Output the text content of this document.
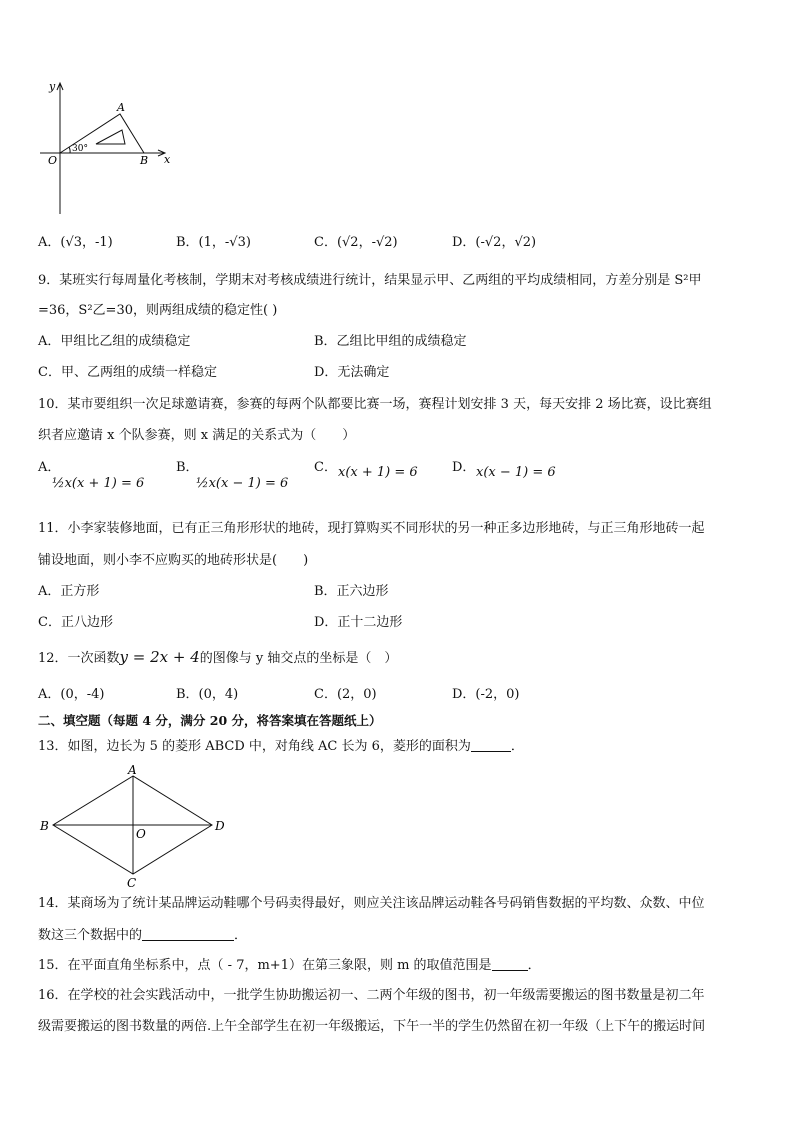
y
x
O
A
B
30°
A．(√3，-1)	B．(1，-√3)	C．(√2，-√2)	D．(-√2，√2)
9．某班实行每周量化考核制，学期末对考核成绩进行统计，结果显示甲、乙两组的平均成绩相同，方差分别是 S²甲
=36，S²乙=30，则两组成绩的稳定性( )
A．甲组比乙组的成绩稳定	B．乙组比甲组的成绩稳定
C．甲、乙两组的成绩一样稳定	D．无法确定
10．某市要组织一次足球邀请赛，参赛的每两个队都要比赛一场，赛程计划安排 3 天，每天安排 2 场比赛，设比赛组
织者应邀请 x 个队参赛，则 x 满足的关系式为（　　）
A．
½x(x + 1) = 6
B．
½x(x − 1) = 6
C． x(x + 1) = 6	D． x(x − 1) = 6
11．小李家装修地面，已有正三角形形状的地砖，现打算购买不同形状的另一种正多边形地砖，与正三角形地砖一起
铺设地面，则小李不应购买的地砖形状是(　　)
A．正方形	B．正六边形
C．正八边形	D．正十二边形
12．一次函数y = 2x + 4的图像与 y 轴交点的坐标是（　）
A．(0，-4)	B．(0，4)	C．(2，0)	D．(-2，0)
二、填空题（每题 4 分，满分 20 分，将答案填在答题纸上）
13．如图，边长为 5 的菱形 ABCD 中，对角线 AC 长为 6，菱形的面积为	．
A
B
C
D
O
14．某商场为了统计某品牌运动鞋哪个号码卖得最好，则应关注该品牌运动鞋各号码销售数据的平均数、众数、中位
数这三个数据中的	．
15．在平面直角坐标系中，点（ - 7，m+1）在第三象限，则 m 的取值范围是	．
16．在学校的社会实践活动中，一批学生协助搬运初一、二两个年级的图书，初一年级需要搬运的图书数量是初二年
级需要搬运的图书数量的两倍.上午全部学生在初一年级搬运，下午一半的学生仍然留在初一年级（上下午的搬运时间
